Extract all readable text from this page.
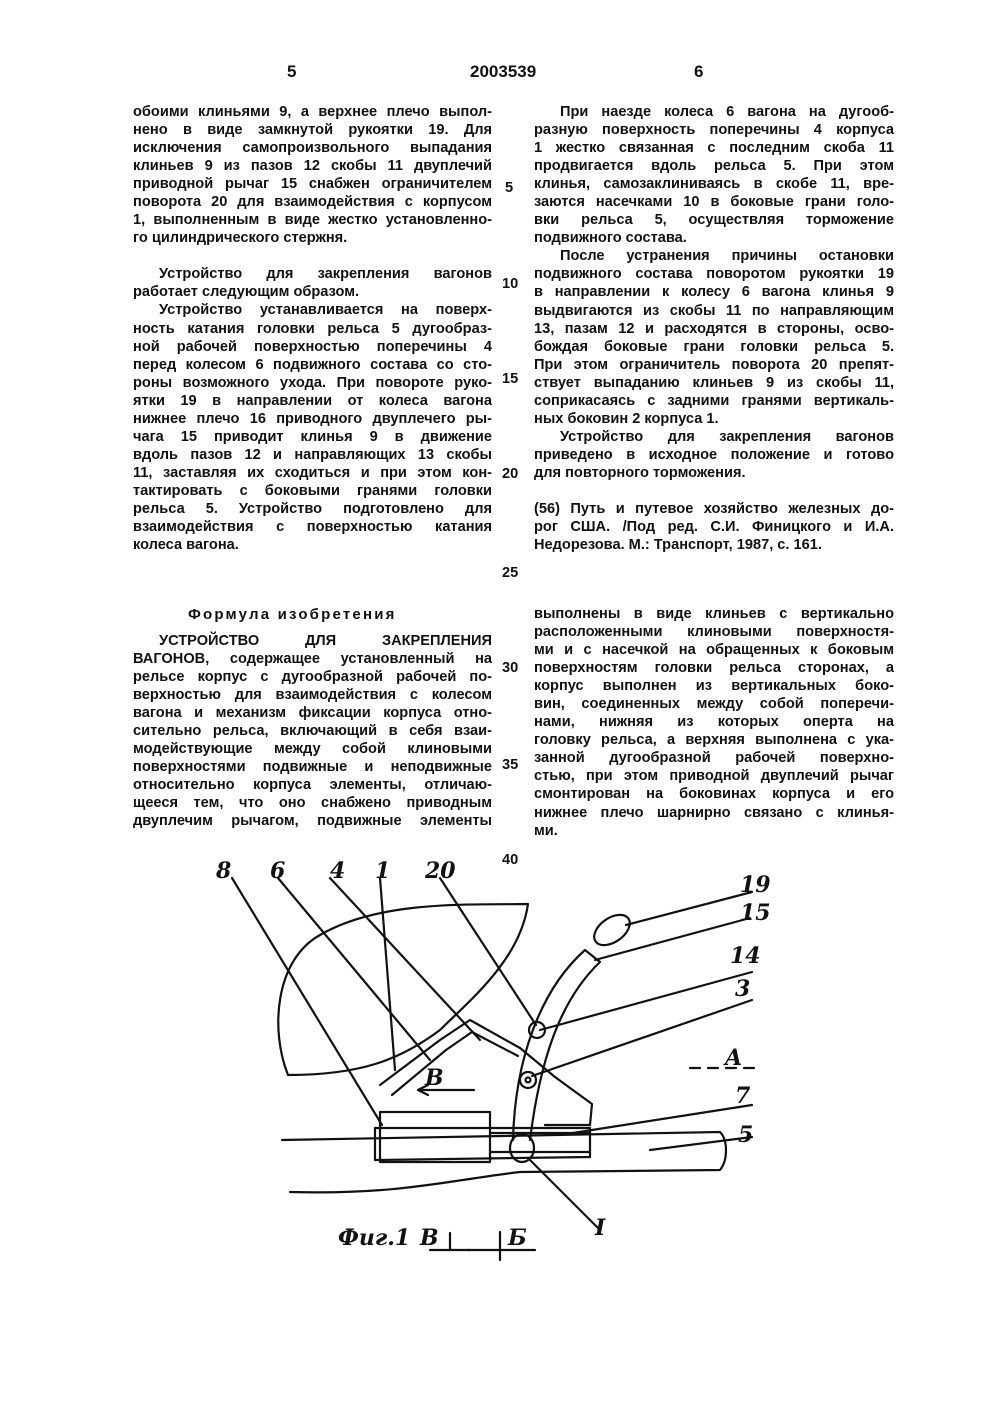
5	2003539	6
обоими клиньями 9, а верхнее плечо выпол-
нено в виде замкнутой рукоятки 19. Для
исключения самопроизвольного выпадания
клиньев 9 из пазов 12 скобы 11 двуплечий
приводной рычаг 15 снабжен ограничителем
поворота 20 для взаимодействия с корпусом
1, выполненным в виде жестко установленно-
го цилиндрического стержня.
Устройство для закрепления вагонов
работает следующим образом.
Устройство устанавливается на поверх-
ность катания головки рельса 5 дугообраз-
ной рабочей поверхностью поперечины 4
перед колесом 6 подвижного состава со сто-
роны возможного ухода. При повороте руко-
ятки 19 в направлении от колеса вагона
нижнее плечо 16 приводного двуплечего ры-
чага 15 приводит клинья 9 в движение
вдоль пазов 12 и направляющих 13 скобы
11, заставляя их сходиться и при этом кон-
тактировать с боковыми гранями головки
рельса 5. Устройство подготовлено для
взаимодействия с поверхностью катания
колеса вагона.
При наезде колеса 6 вагона на дугооб-
разную поверхность поперечины 4 корпуса
1 жестко связанная с последним скоба 11
продвигается вдоль рельса 5. При этом
клинья, самозаклиниваясь в скобе 11, вре-
заются насечками 10 в боковые грани голо-
вки рельса 5, осуществляя торможение
подвижного состава.
После устранения причины остановки
подвижного состава поворотом рукоятки 19
в направлении к колесу 6 вагона клинья 9
выдвигаются из скобы 11 по направляющим
13, пазам 12 и расходятся в стороны, осво-
бождая боковые грани головки рельса 5.
При этом ограничитель поворота 20 препят-
ствует выпаданию клиньев 9 из скобы 11,
соприкасаясь с задними гранями вертикаль-
ных боковин 2 корпуса 1.
Устройство для закрепления вагонов
приведено в исходное положение и готово
для повторного торможения.
(56) Путь и путевое хозяйство железных до-
рог США. /Под ред. С.И. Финицкого и И.А.
Недорезова. М.: Транспорт, 1987, с. 161.
5
10
15
20
25
30
35
40
Формула изобретения
УСТРОЙСТВО ДЛЯ ЗАКРЕПЛЕНИЯ
ВАГОНОВ, содержащее установленный на
рельсе корпус с дугообразной рабочей по-
верхностью для взаимодействия с колесом
вагона и механизм фиксации корпуса отно-
сительно рельса, включающий в себя взаи-
модействующие между собой клиновыми
поверхностями подвижные и неподвижные
относительно корпуса элементы, отличаю-
щееся тем, что оно снабжено приводным
двуплечим рычагом, подвижные элементы
выполнены в виде клиньев с вертикально
расположенными клиновыми поверхностя-
ми и с насечкой на обращенных к боковым
поверхностям головки рельса сторонах, а
корпус выполнен из вертикальных боко-
вин, соединенных между собой поперечи-
нами, нижняя из которых оперта на
головку рельса, а верхняя выполнена с ука-
занной дугообразной рабочей поверхно-
стью, при этом приводной двуплечий рычаг
смонтирован на боковинах корпуса и его
нижнее плечо шарнирно связано с клинья-
ми.
8 6 4 1 20
19
15
14
3
A
7
5
B
I
Фиг.1 B	Б
